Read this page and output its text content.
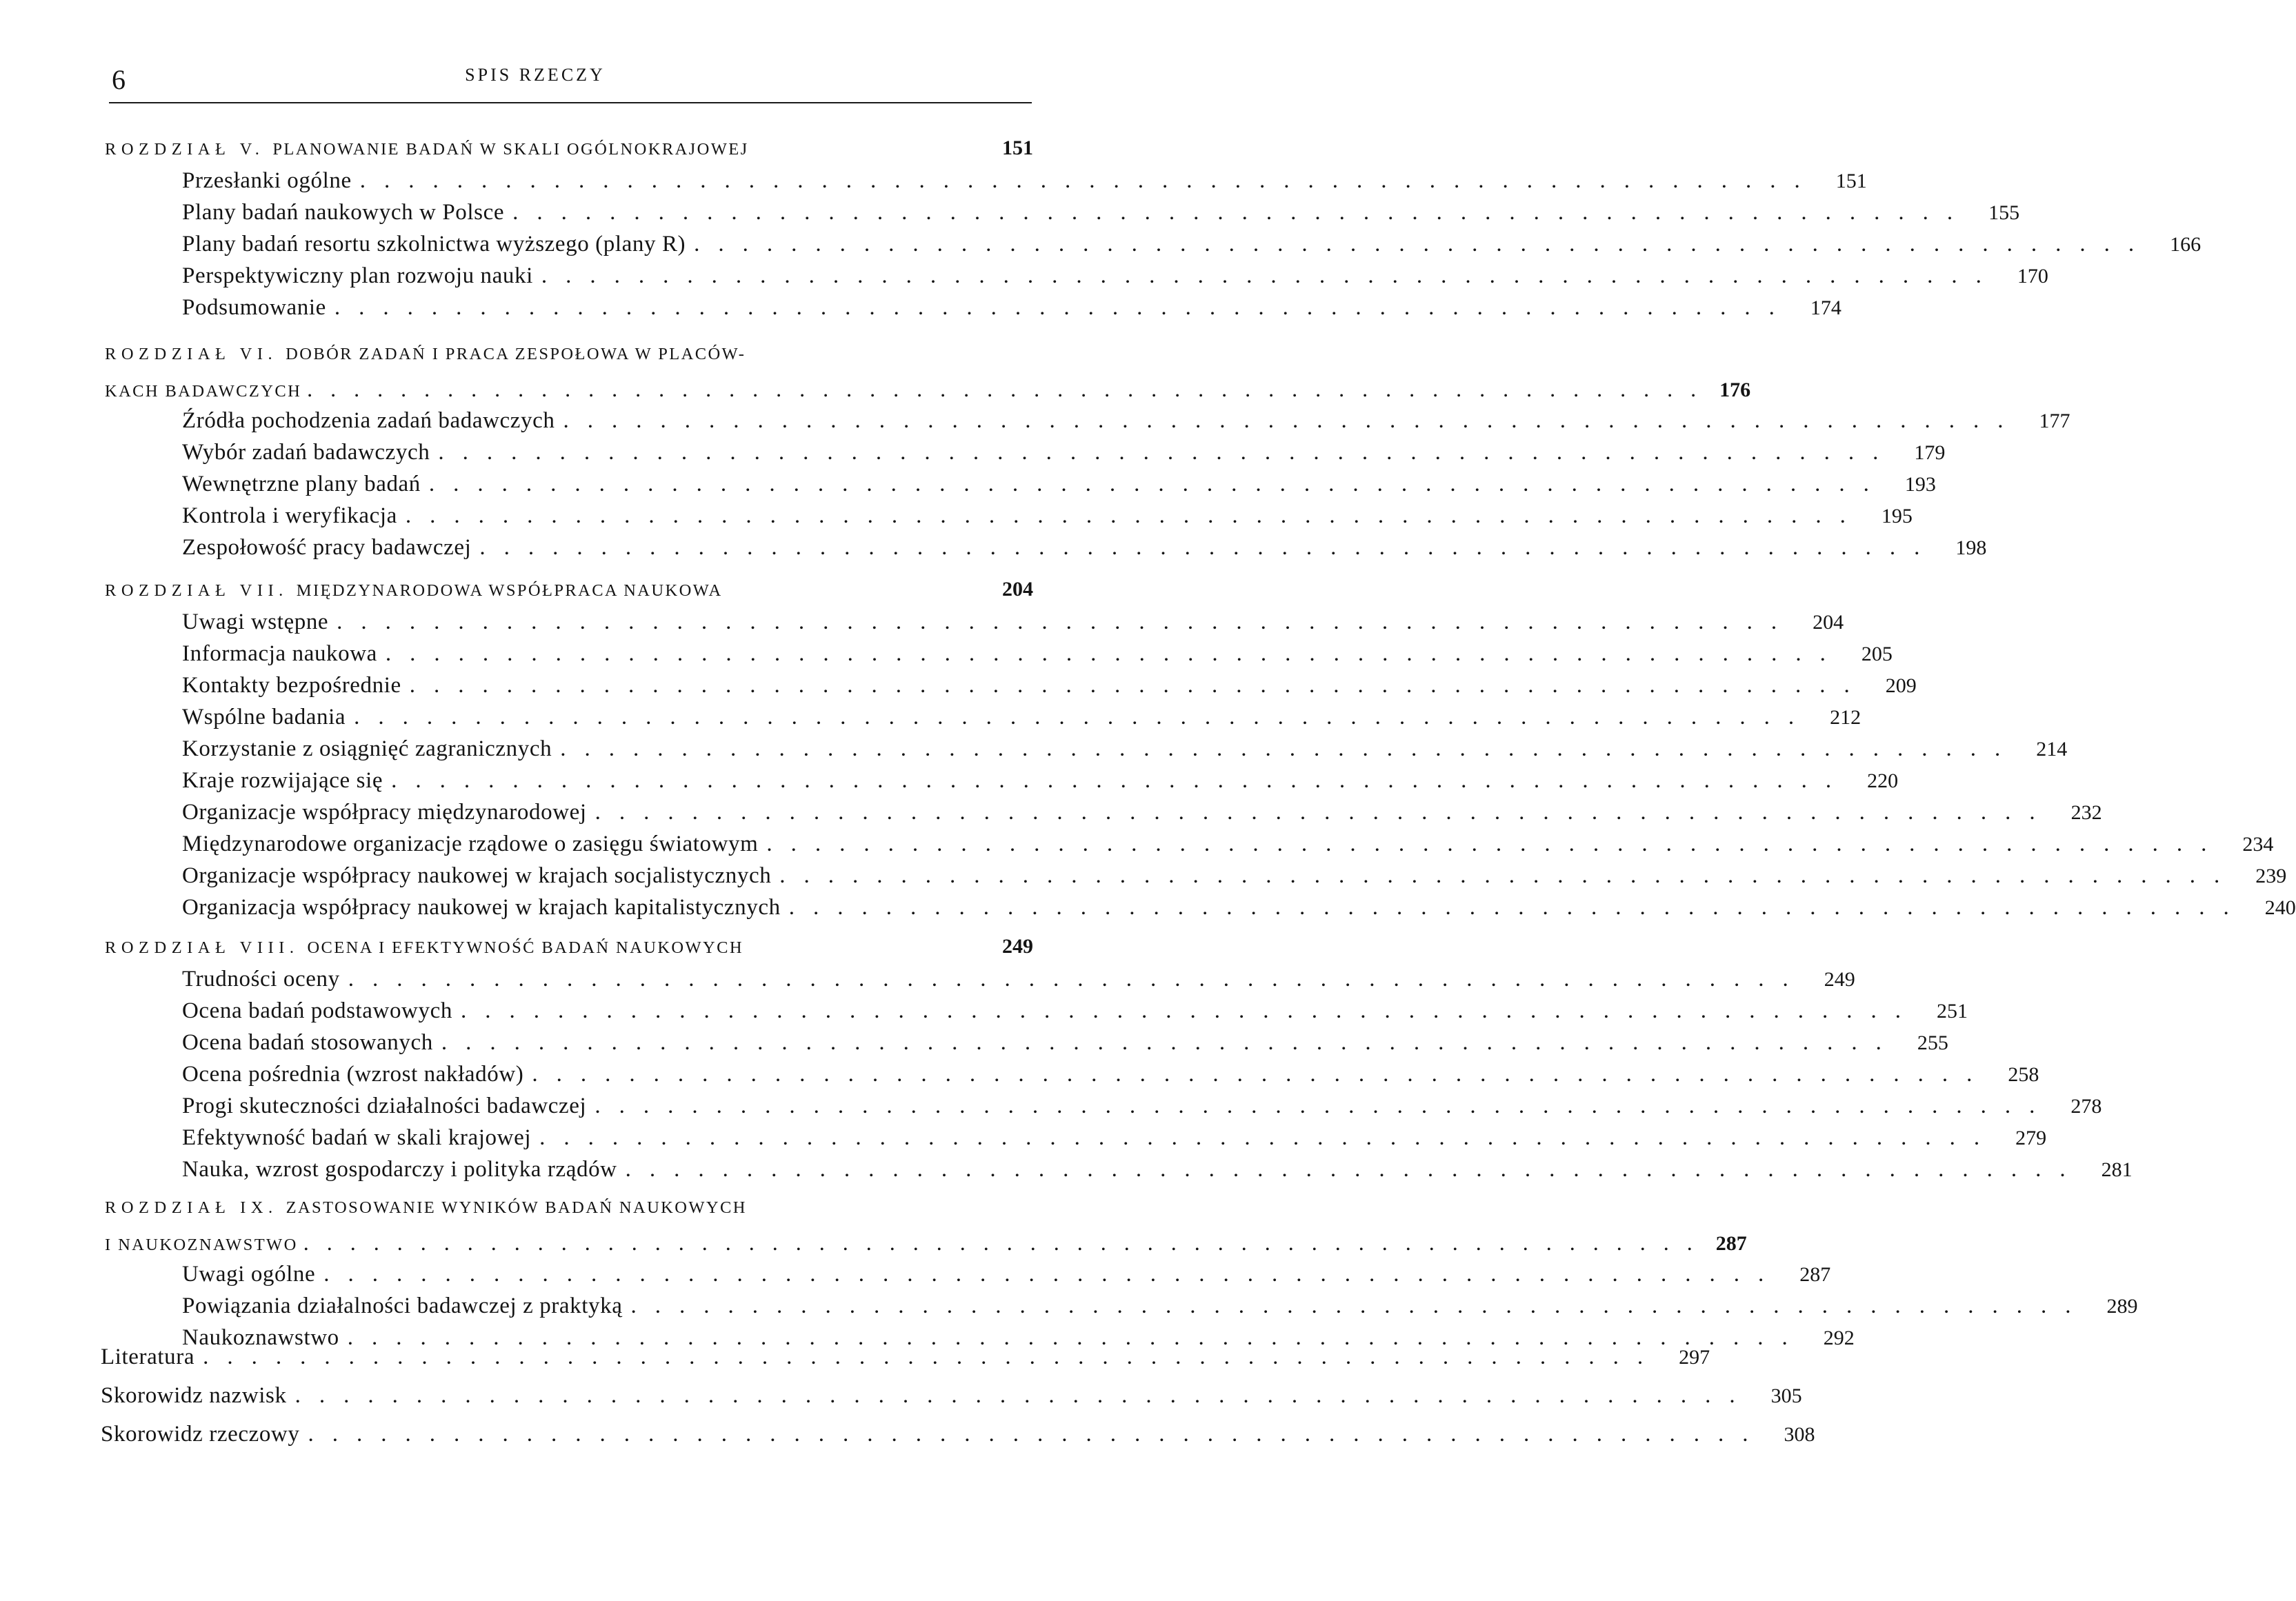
6	SPIS RZECZY
ROZDZIAŁ V. PLANOWANIE BADAŃ W SKALI OGÓLNOKRAJOWEJ	151
Przesłanki ogólne ............................................................ 151
Plany badań naukowych w Polsce ............................................................ 155
Plany badań resortu szkolnictwa wyższego (plany R) ............................................................ 166
Perspektywiczny plan rozwoju nauki ............................................................ 170
Podsumowanie ............................................................ 174
ROZDZIAŁ VI. DOBÓR ZADAŃ I PRACA ZESPOŁOWA W PLACÓW-
KACH BADAWCZYCH ............................................................ 176
Źródła pochodzenia zadań badawczych ............................................................ 177
Wybór zadań badawczych ............................................................ 179
Wewnętrzne plany badań ............................................................ 193
Kontrola i weryfikacja ............................................................ 195
Zespołowość pracy badawczej ............................................................ 198
ROZDZIAŁ VII. MIĘDZYNARODOWA WSPÓŁPRACA NAUKOWA	204
Uwagi wstępne ............................................................ 204
Informacja naukowa ............................................................ 205
Kontakty bezpośrednie ............................................................ 209
Wspólne badania ............................................................ 212
Korzystanie z osiągnięć zagranicznych ............................................................ 214
Kraje rozwijające się ............................................................ 220
Organizacje współpracy międzynarodowej ............................................................ 232
Międzynarodowe organizacje rządowe o zasięgu światowym ............................................................ 234
Organizacje współpracy naukowej w krajach socjalistycznych ............................................................ 239
Organizacja współpracy naukowej w krajach kapitalistycznych ............................................................ 240
ROZDZIAŁ VIII. OCENA I EFEKTYWNOŚĆ BADAŃ NAUKOWYCH	249
Trudności oceny ............................................................ 249
Ocena badań podstawowych ............................................................ 251
Ocena badań stosowanych ............................................................ 255
Ocena pośrednia (wzrost nakładów) ............................................................ 258
Progi skuteczności działalności badawczej ............................................................ 278
Efektywność badań w skali krajowej ............................................................ 279
Nauka, wzrost gospodarczy i polityka rządów ............................................................ 281
ROZDZIAŁ IX. ZASTOSOWANIE WYNIKÓW BADAŃ NAUKOWYCH
I NAUKOZNAWSTWO ............................................................ 287
Uwagi ogólne ............................................................ 287
Powiązania działalności badawczej z praktyką ............................................................ 289
Naukoznawstwo ............................................................ 292
Literatura ............................................................ 297
Skorowidz nazwisk ............................................................ 305
Skorowidz rzeczowy ............................................................ 308
